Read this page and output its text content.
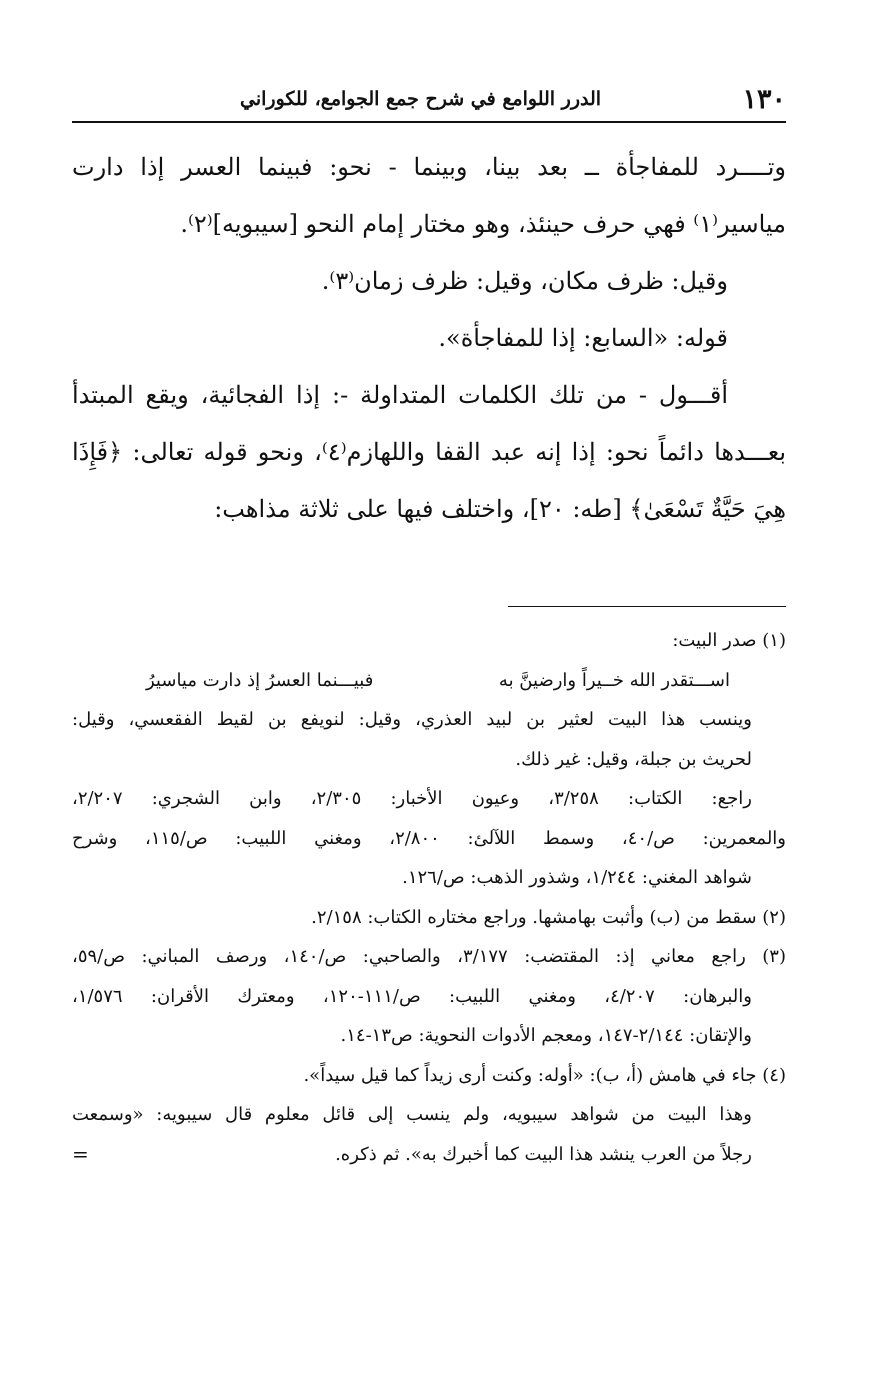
١٣٠
الدرر اللوامع في شرح جمع الجوامع، للكوراني
وتــــرد للمفاجأة ــ بعد بينا، وبينما - نحو: فبينما العسر إذا دارت
مياسير⁽١⁾ فهي حرف حينئذ، وهو مختار إمام النحو [سيبويه]⁽٢⁾.
وقيل: ظرف مكان، وقيل: ظرف زمان⁽٣⁾.
قوله: «السابع: إذا للمفاجأة».
أقـــول - من تلك الكلمات المتداولة -: إذا الفجائية، ويقع المبتدأ
بعـــدها دائماً نحو: إذا إنه عبد القفا واللهازم⁽٤⁾، ونحو قوله تعالى: ﴿فَإِذَا
هِيَ حَيَّةٌ تَسْعَىٰ﴾ [طه: ٢٠]، واختلف فيها على ثلاثة مذاهب:
(١) صدر البيت:
اســـتقدر الله خــيراً وارضينَّ به
فبيـــنما العسرُ إذ دارت مياسيرُ
وينسب هذا البيت لعثير بن لبيد العذري، وقيل: لنويفع بن لقيط الفقعسي، وقيل:
لحريث بن جبلة، وقيل: غير ذلك.
راجع: الكتاب: ٣/٢٥٨، وعيون الأخبار: ٢/٣٠٥، وابن الشجري: ٢/٢٠٧،
والمعمرين: ص/٤٠، وسمط اللآلئ: ٢/٨٠٠، ومغني اللبيب: ص/١١٥، وشرح
شواهد المغني: ١/٢٤٤، وشذور الذهب: ص/١٢٦.
(٢) سقط من (ب) وأثبت بهامشها. وراجع مختاره الكتاب: ٢/١٥٨.
(٣) راجع معاني إذ: المقتضب: ٣/١٧٧، والصاحبي: ص/١٤٠، ورصف المباني: ص/٥٩،
والبرهان: ٤/٢٠٧، ومغني اللبيب: ص/١١١-١٢٠، ومعترك الأقران: ١/٥٧٦،
والإتقان: ٢/١٤٤-١٤٧، ومعجم الأدوات النحوية: ص١٣-١٤.
(٤) جاء في هامش (أ، ب): «أوله: وكنت أرى زيداً كما قيل سيداً».
وهذا البيت من شواهد سيبويه، ولم ينسب إلى قائل معلوم قال سيبويه: «وسمعت
رجلاً من العرب ينشد هذا البيت كما أخبرك به». ثم ذكره.
=
